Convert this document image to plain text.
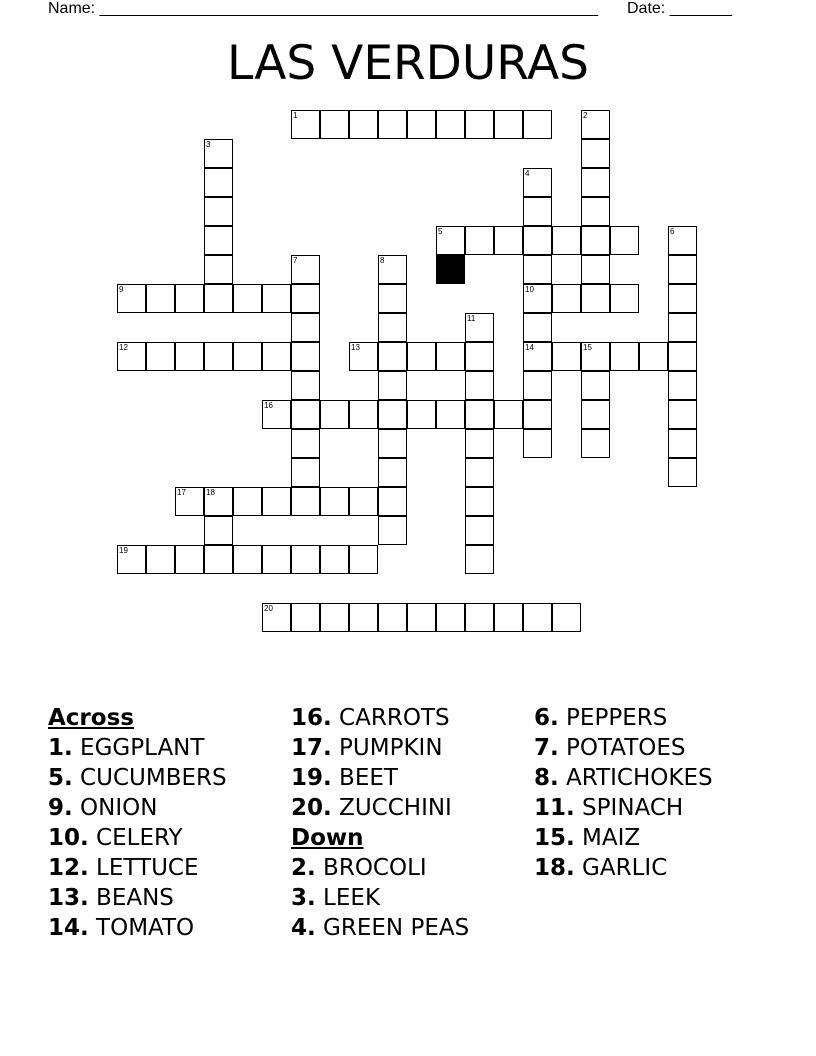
Name: ________________________________________________________ Date: _______
LAS VERDURAS
1	2
3
4
10
14
5	6
7	8
9
11
12	13	15
16
17	18
19
20
Across
1. EGGPLANT
5. CUCUMBERS
9. ONION
10. CELERY
12. LETTUCE
13. BEANS
14. TOMATO
16. CARROTS
17. PUMPKIN
19. BEET
20. ZUCCHINI
Down
2. BROCOLI
3. LEEK
4. GREEN PEAS
6. PEPPERS
7. POTATOES
8. ARTICHOKES
11. SPINACH
15. MAIZ
18. GARLIC
